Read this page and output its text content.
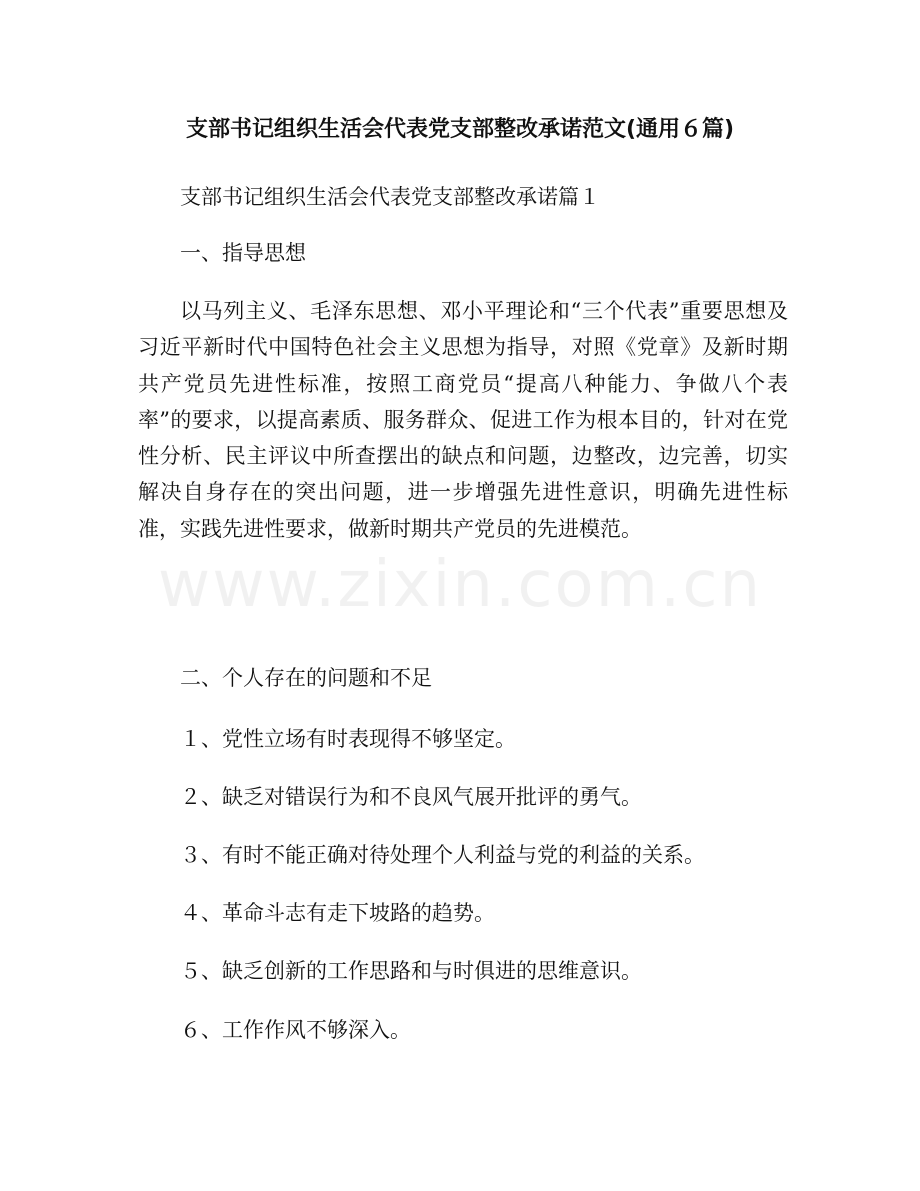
www.zixin.com.cn
支部书记组织生活会代表党支部整改承诺范文(通用６篇)
支部书记组织生活会代表党支部整改承诺篇１
一、指导思想
以马列主义、毛泽东思想、邓小平理论和“三个代表”重要思想及习近平新时代中国特色社会主义思想为指导，对照《党章》及新时期共产党员先进性标准，按照工商党员“提高八种能力、争做八个表率”的要求，以提高素质、服务群众、促进工作为根本目的，针对在党性分析、民主评议中所查摆出的缺点和问题，边整改，边完善，切实解决自身存在的突出问题，进一步增强先进性意识，明确先进性标准，实践先进性要求，做新时期共产党员的先进模范。
二、个人存在的问题和不足
１、党性立场有时表现得不够坚定。
２、缺乏对错误行为和不良风气展开批评的勇气。
３、有时不能正确对待处理个人利益与党的利益的关系。
４、革命斗志有走下坡路的趋势。
５、缺乏创新的工作思路和与时俱进的思维意识。
６、工作作风不够深入。
